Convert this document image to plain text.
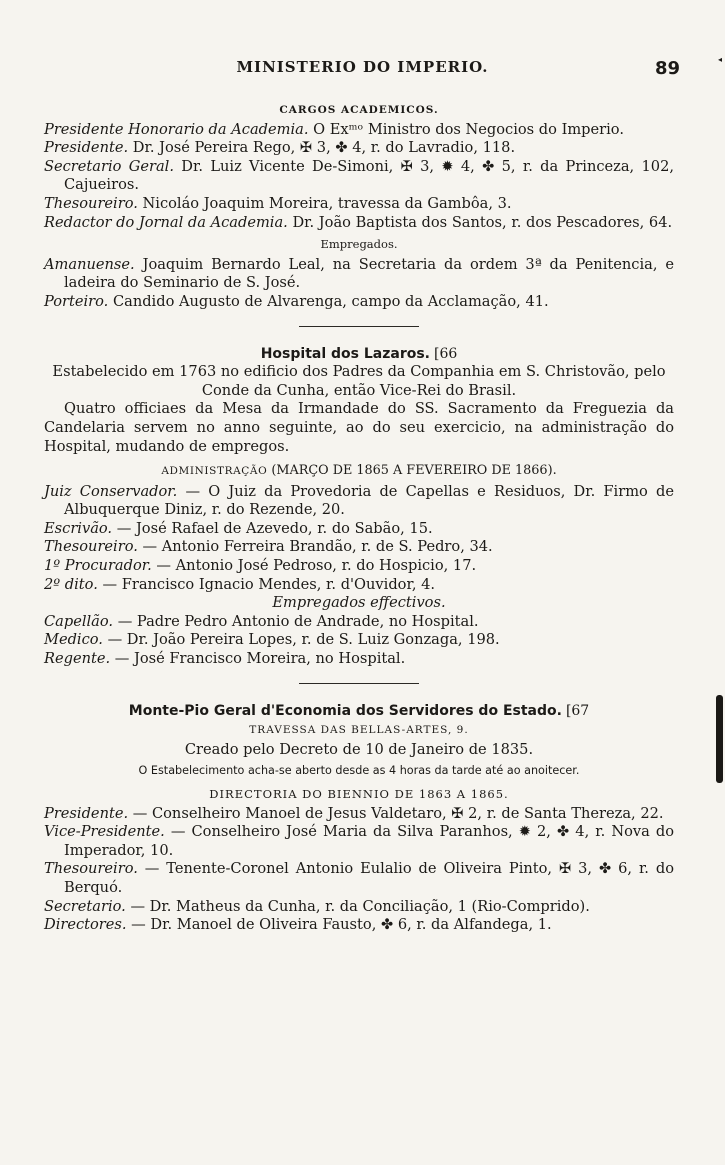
MINISTERIO DO IMPERIO.	89	◂
CARGOS ACADEMICOS.

Presidente Honorario da Academia. O Exᵐᵒ Ministro dos Negocios do Imperio.

Presidente. Dr. José Pereira Rego, ✠ 3, ✤ 4, r. do Lavradio, 118.

Secretario Geral. Dr. Luiz Vicente De-Simoni, ✠ 3, ✹ 4, ✤ 5, r. da Princeza, 102, Cajueiros.

Thesoureiro. Nicoláo Joaquim Moreira, travessa da Gambôa, 3.

Redactor do Jornal da Academia. Dr. João Baptista dos Santos, r. dos Pescadores, 64.

Empregados.

Amanuense. Joaquim Bernardo Leal, na Secretaria da ordem 3ª da Penitencia, e ladeira do Seminario de S. José.

Porteiro. Candido Augusto de Alvarenga, campo da Acclamação, 41.

Hospital dos Lazaros. [66

Estabelecido em 1763 no edificio dos Padres da Companhia em S. Christovão, pelo Conde da Cunha, então Vice-Rei do Brasil.

Quatro officiaes da Mesa da Irmandade do SS. Sacramento da Freguezia da Candelaria servem no anno seguinte, ao do seu exercicio, na administração do Hospital, mudando de empregos.

ADMINISTRAÇÃO (MARÇO DE 1865 A FEVEREIRO DE 1866).

Juiz Conservador. — O Juiz da Provedoria de Capellas e Residuos, Dr. Firmo de Albuquerque Diniz, r. do Rezende, 20.

Escrivão. — José Rafael de Azevedo, r. do Sabão, 15.

Thesoureiro. — Antonio Ferreira Brandão, r. de S. Pedro, 34.

1º Procurador. — Antonio José Pedroso, r. do Hospicio, 17.

2º dito. — Francisco Ignacio Mendes, r. d'Ouvidor, 4.

Empregados effectivos.

Capellão. — Padre Pedro Antonio de Andrade, no Hospital.

Medico. — Dr. João Pereira Lopes, r. de S. Luiz Gonzaga, 198.

Regente. — José Francisco Moreira, no Hospital.

Monte-Pio Geral d'Economia dos Servidores do Estado. [67
TRAVESSA DAS BELLAS-ARTES, 9.

Creado pelo Decreto de 10 de Janeiro de 1835.

O Estabelecimento acha-se aberto desde as 4 horas da tarde até ao anoitecer.
DIRECTORIA DO BIENNIO DE 1863 A 1865.

Presidente. — Conselheiro Manoel de Jesus Valdetaro, ✠ 2, r. de Santa Thereza, 22.

Vice-Presidente. — Conselheiro José Maria da Silva Paranhos, ✹ 2, ✤ 4, r. Nova do Imperador, 10.

Thesoureiro. — Tenente-Coronel Antonio Eulalio de Oliveira Pinto, ✠ 3, ✤ 6, r. do Berquó.

Secretario. — Dr. Matheus da Cunha, r. da Conciliação, 1 (Rio-Comprido).

Directores. — Dr. Manoel de Oliveira Fausto, ✤ 6, r. da Alfandega, 1.
